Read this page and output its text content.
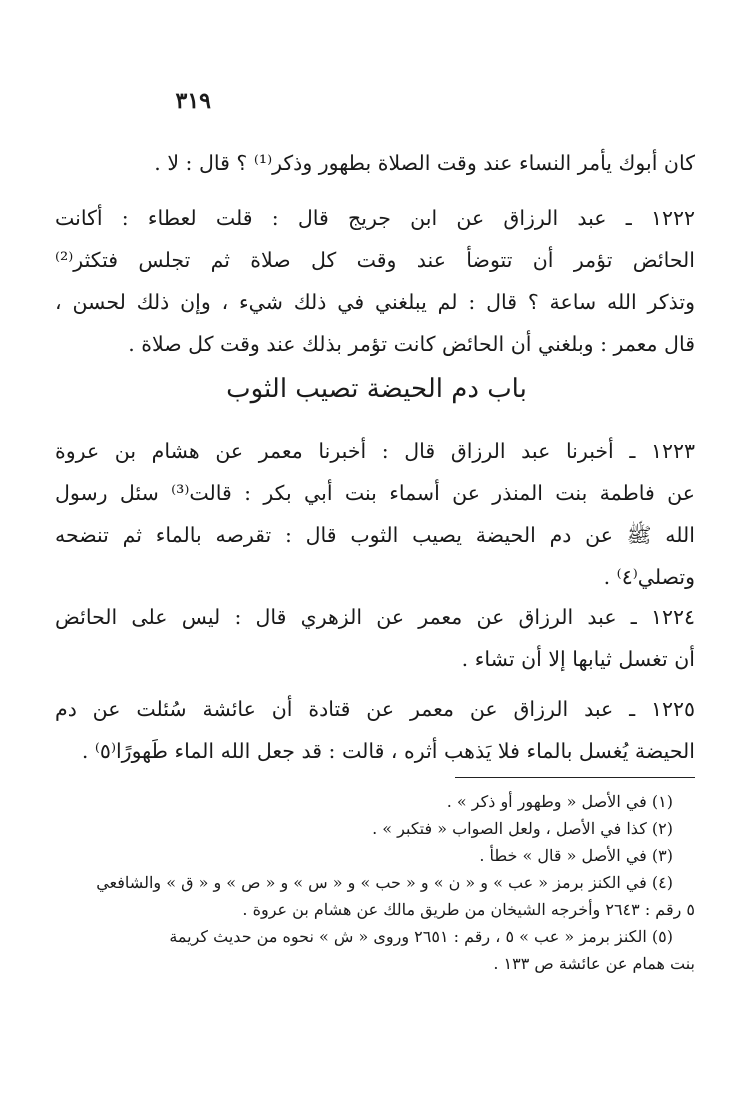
٣١٩
كان أبوك يأمر النساء عند وقت الصلاة بطهور وذكر⁽¹⁾ ؟ قال : لا .
١٢٢٢ ـ عبد الرزاق عن ابن جريج قال : قلت لعطاء : أكانت
الحائض تؤمر أن تتوضأ عند وقت كل صلاة ثم تجلس فتكثر⁽²⁾
وتذكر الله ساعة ؟ قال : لم يبلغني في ذلك شيء ، وإن ذلك لحسن ،
قال معمر : وبلغني أن الحائض كانت تؤمر بذلك عند وقت كل صلاة .
باب دم الحيضة تصيب الثوب
١٢٢٣ ـ أخبرنا عبد الرزاق قال : أخبرنا معمر عن هشام بن عروة
عن فاطمة بنت المنذر عن أسماء بنت أبي بكر : قالت⁽³⁾ سئل رسول
الله ﷺ عن دم الحيضة يصيب الثوب قال : تقرصه بالماء ثم تنضحه
وتصلي⁽٤⁾ .
١٢٢٤ ـ عبد الرزاق عن معمر عن الزهري قال : ليس على الحائض
أن تغسل ثيابها إلا أن تشاء .
١٢٢٥ ـ عبد الرزاق عن معمر عن قتادة أن عائشة سُئلت عن دم
الحيضة يُغسل بالماء فلا يَذهب أثره ، قالت : قد جعل الله الماء طَهورًا⁽٥⁾ .
(١) في الأصل « وطهور أو ذكر » .
(٢) كذا في الأصل ، ولعل الصواب « فتكبر » .
(٣) في الأصل « قال » خطأ .
(٤) في الكنز برمز « عب » و « ن » و « حب » و « س » و « ص » و « ق » والشافعي
٥ رقم : ٢٦٤٣ وأخرجه الشيخان من طريق مالك عن هشام بن عروة .
(٥) الكنز برمز « عب » ٥ ، رقم : ٢٦٥١ وروى « ش » نحوه من حديث كريمة
بنت همام عن عائشة ص ١٣٣ .
